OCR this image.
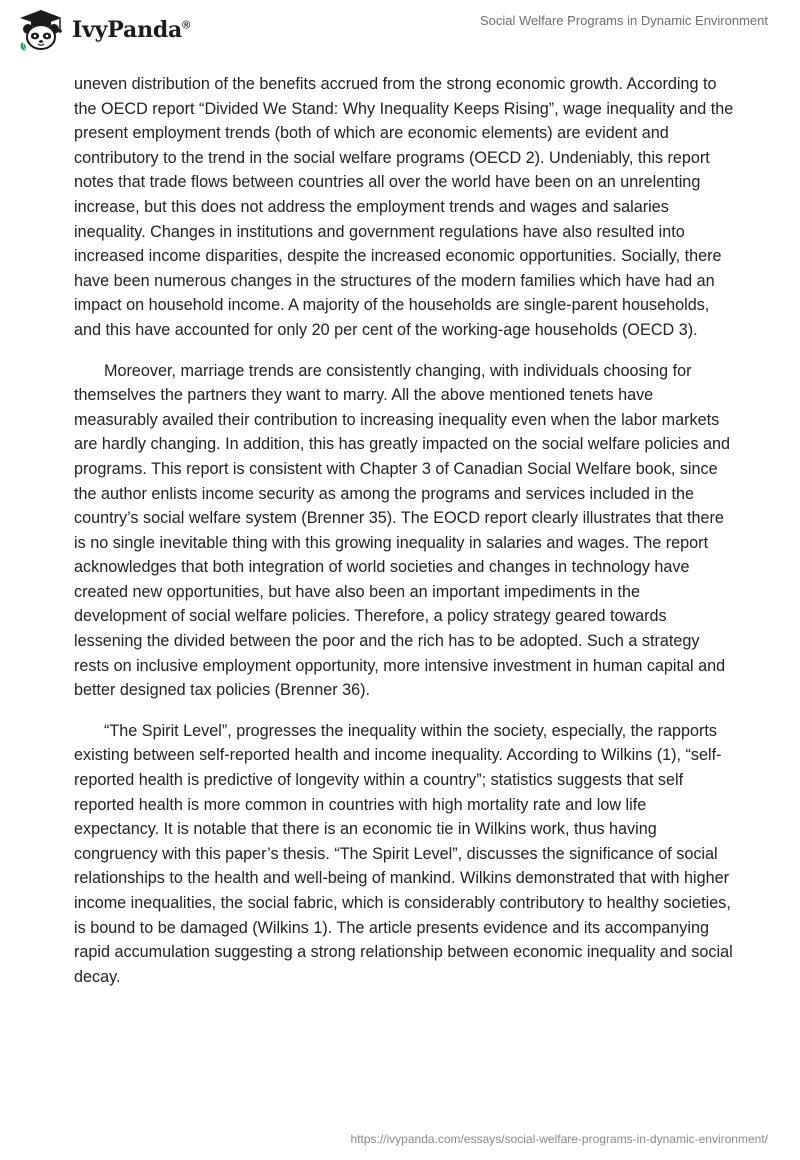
IvyPanda®	Social Welfare Programs in Dynamic Environment

uneven distribution of the benefits accrued from the strong economic growth. According to the OECD report “Divided We Stand: Why Inequality Keeps Rising”, wage inequality and the present employment trends (both of which are economic elements) are evident and contributory to the trend in the social welfare programs (OECD 2). Undeniably, this report notes that trade flows between countries all over the world have been on an unrelenting increase, but this does not address the employment trends and wages and salaries inequality. Changes in institutions and government regulations have also resulted into increased income disparities, despite the increased economic opportunities. Socially, there have been numerous changes in the structures of the modern families which have had an impact on household income. A majority of the households are single-parent households, and this have accounted for only 20 per cent of the working-age households (OECD 3).

Moreover, marriage trends are consistently changing, with individuals choosing for themselves the partners they want to marry. All the above mentioned tenets have measurably availed their contribution to increasing inequality even when the labor markets are hardly changing. In addition, this has greatly impacted on the social welfare policies and programs. This report is consistent with Chapter 3 of Canadian Social Welfare book, since the author enlists income security as among the programs and services included in the country’s social welfare system (Brenner 35). The EOCD report clearly illustrates that there is no single inevitable thing with this growing inequality in salaries and wages. The report acknowledges that both integration of world societies and changes in technology have created new opportunities, but have also been an important impediments in the development of social welfare policies. Therefore, a policy strategy geared towards lessening the divided between the poor and the rich has to be adopted. Such a strategy rests on inclusive employment opportunity, more intensive investment in human capital and better designed tax policies (Brenner 36).

“The Spirit Level”, progresses the inequality within the society, especially, the rapports existing between self-reported health and income inequality. According to Wilkins (1), “self-reported health is predictive of longevity within a country”; statistics suggests that self reported health is more common in countries with high mortality rate and low life expectancy. It is notable that there is an economic tie in Wilkins work, thus having congruency with this paper’s thesis. “The Spirit Level”, discusses the significance of social relationships to the health and well-being of mankind. Wilkins demonstrated that with higher income inequalities, the social fabric, which is considerably contributory to healthy societies, is bound to be damaged (Wilkins 1). The article presents evidence and its accompanying rapid accumulation suggesting a strong relationship between economic inequality and social decay.

https://ivypanda.com/essays/social-welfare-programs-in-dynamic-environment/
